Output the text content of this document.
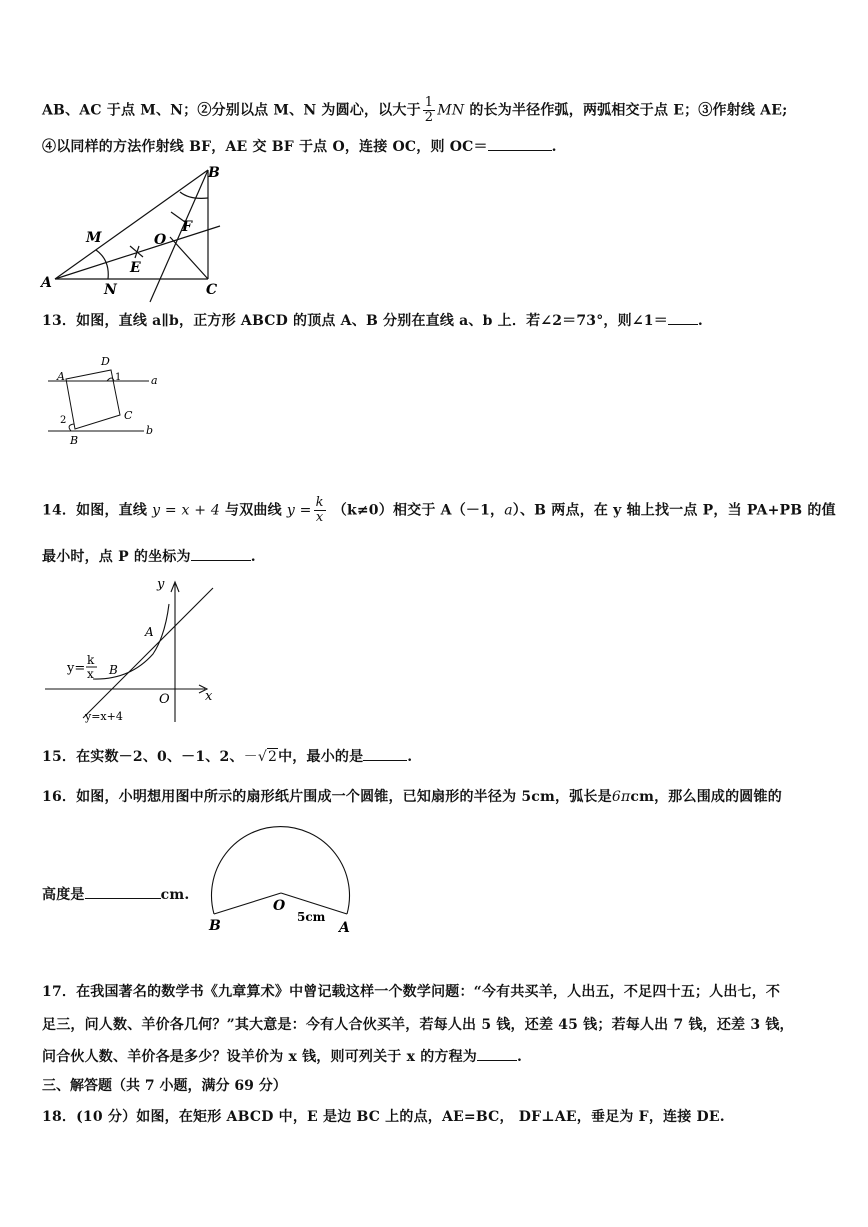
AB、AC 于点 M、N；②分别以点 M、N 为圆心，以大于 $\frac{1}{2}$ MN 的长为半径作弧，两弧相交于点 E；③作射线 AE;
④以同样的方法作射线 BF，AE 交 BF 于点 O，连接 OC，则 OC＝	.
B
M	O
F
E
A	N	C
13．如图，直线 a∥b，正方形 ABCD 的顶点 A、B 分别在直线 a、b 上．若∠2＝73°，则∠1＝ .
D
A	1	a
2	C
B
b
14．如图，直线 y = x + 4 与双曲线 $y = \frac{k}{x} (k\ne 0)$相交于 A（－1，a）、B 两点，在 y 轴上找一点 P，当 PA+PB 的值
最小时，点 P 的坐标为	.
y
x
O
A
B
y=
k
x
y=x+4
15．在实数－2、0、－1、2、－√2中，最小的是	.
16．如图，小明想用图中所示的扇形纸片围成一个圆锥，已知扇形的半径为 5cm，弧长是6πcm，那么围成的圆锥的
高度是	cm.
O
B	A
5cm
17．在我国著名的数学书《九章算术》中曾记载这样一个数学问题：“今有共买羊，人出五，不足四十五；人出七，不
足三，问人数、羊价各几何？”其大意是：今有人合伙买羊，若每人出 5 钱，还差 45 钱；若每人出 7 钱，还差 3 钱，
问合伙人数、羊价各是多少？设羊价为 x 钱，则可列关于 x 的方程为	.
三、解答题（共 7 小题，满分 69 分）
18．(10 分）如图，在矩形 ABCD 中，E 是边 BC 上的点，AE=BC， DF⊥AE，垂足为 F，连接 DE.
